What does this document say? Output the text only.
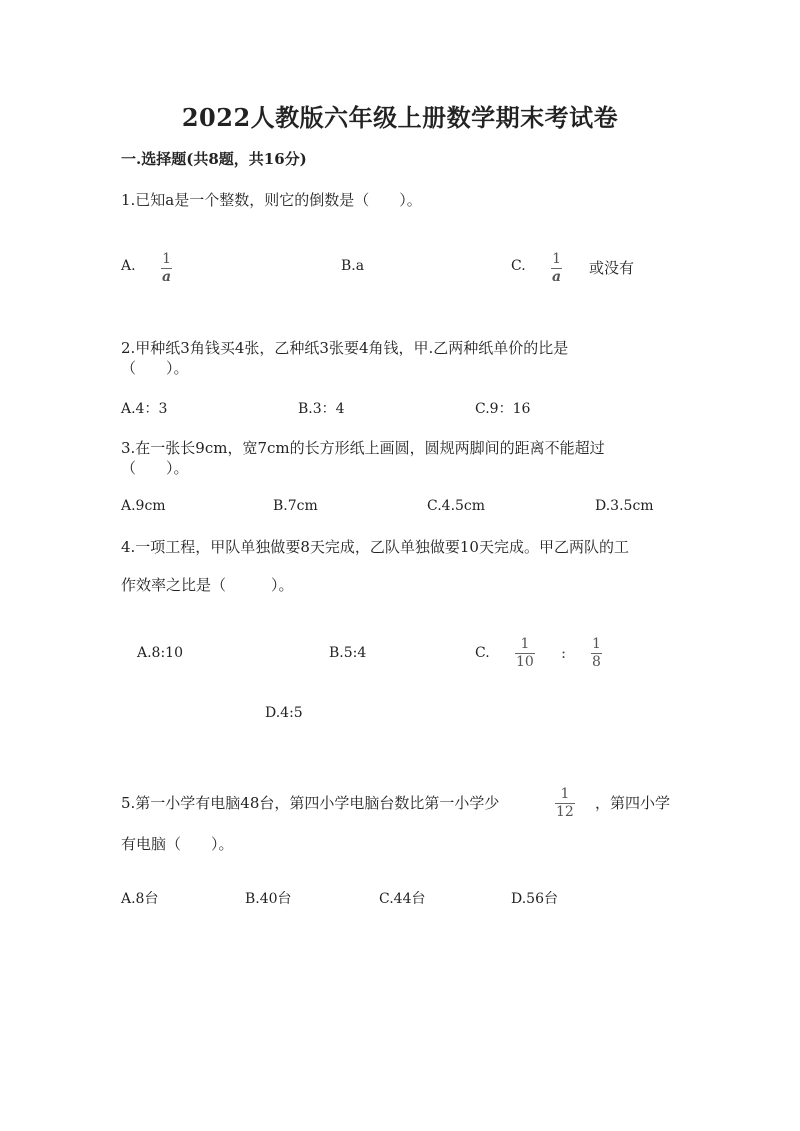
2022人教版六年级上册数学期末考试卷
一.选择题(共8题，共16分)
1.已知a是一个整数，则它的倒数是（　　）。
A. 1
a
B.a	C. 1
a 或没有
2.甲种纸3角钱买4张，乙种纸3张要4角钱，甲.乙两种纸单价的比是
（　　）。
A.4：3	B.3：4	C.9：16
3.在一张长9cm，宽7cm的长方形纸上画圆，圆规两脚间的距离不能超过
（　　）。
A.9cm	B.7cm	C.4.5cm	D.3.5cm
4.一项工程，甲队单独做要8天完成，乙队单独做要10天完成。甲乙两队的工
作效率之比是（　　　）。
A.8:10	B.5:4	C.
1
10 : 1
8
D.4:5
5.第一小学有电脑48台，第四小学电脑台数比第一小学少	1
12 ，第四小学
有电脑（　　）。
A.8台	B.40台	C.44台	D.56台
